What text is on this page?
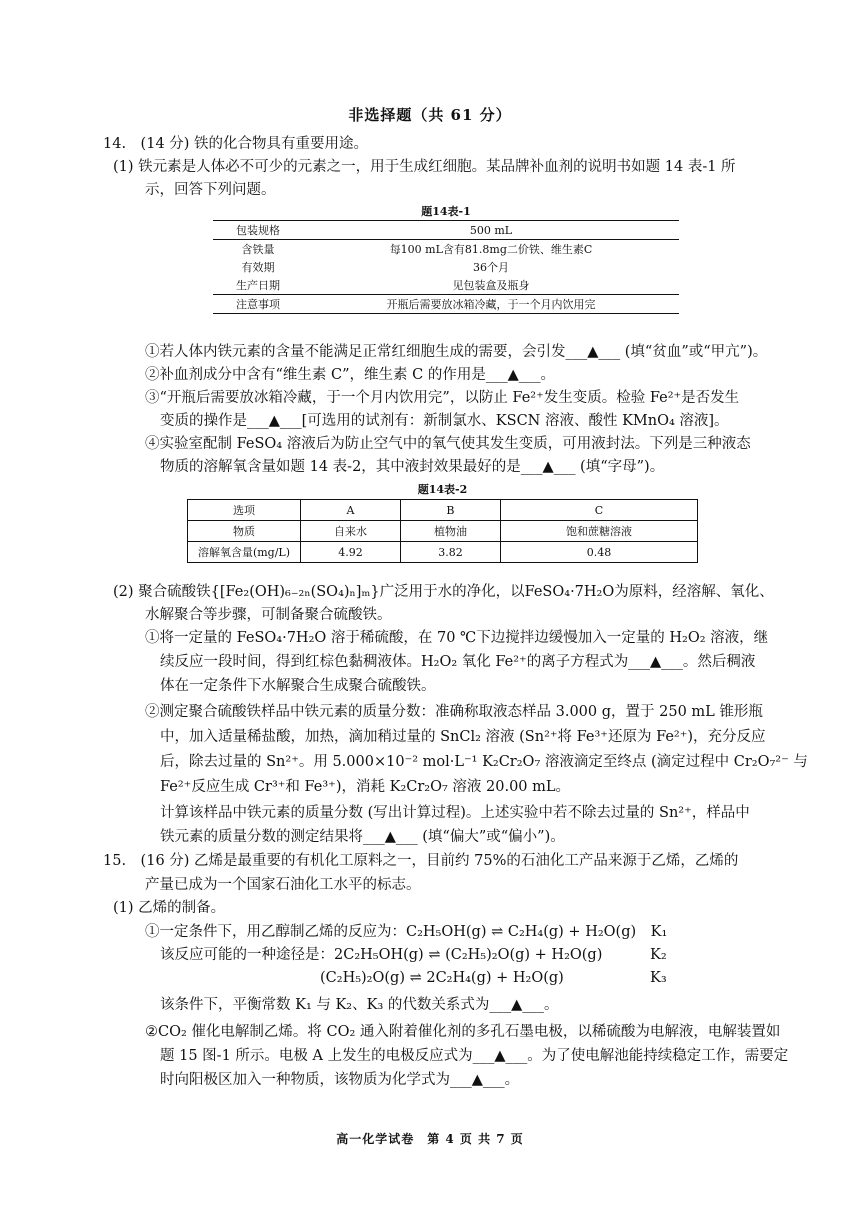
非选择题（共 61 分）
14.　(14 分) 铁的化合物具有重要用途。
(1) 铁元素是人体必不可少的元素之一，用于生成红细胞。某品牌补血剂的说明书如题 14 表-1 所
示，回答下列问题。
题14表-1
包装规格	500 mL
含铁量	每100 mL含有81.8mg二价铁、维生素C
有效期	36个月
生产日期	见包装盒及瓶身
注意事项	开瓶后需要放冰箱冷藏，于一个月内饮用完
①若人体内铁元素的含量不能满足正常红细胞生成的需要，会引发___▲___ (填“贫血”或“甲亢”)。
②补血剂成分中含有“维生素 C”，维生素 C 的作用是___▲___。
③“开瓶后需要放冰箱冷藏，于一个月内饮用完”，以防止 Fe²⁺发生变质。检验 Fe²⁺是否发生
变质的操作是___▲___[可选用的试剂有：新制氯水、KSCN 溶液、酸性 KMnO₄ 溶液]。
④实验室配制 FeSO₄ 溶液后为防止空气中的氧气使其发生变质，可用液封法。下列是三种液态
物质的溶解氧含量如题 14 表-2，其中液封效果最好的是___▲___ (填“字母”)。
题14表-2
选项	A	B	C
物质	自来水	植物油	饱和蔗糖溶液
溶解氧含量(mg/L)	4.92	3.82	0.48
(2) 聚合硫酸铁{[Fe₂(OH)₆₋₂ₙ(SO₄)ₙ]ₘ}广泛用于水的净化，以FeSO₄·7H₂O为原料，经溶解、氧化、
水解聚合等步骤，可制备聚合硫酸铁。
①将一定量的 FeSO₄·7H₂O 溶于稀硫酸，在 70 ℃下边搅拌边缓慢加入一定量的 H₂O₂ 溶液，继
续反应一段时间，得到红棕色黏稠液体。H₂O₂ 氧化 Fe²⁺的离子方程式为___▲___。然后稠液
体在一定条件下水解聚合生成聚合硫酸铁。
②测定聚合硫酸铁样品中铁元素的质量分数：准确称取液态样品 3.000 g，置于 250 mL 锥形瓶
中，加入适量稀盐酸，加热，滴加稍过量的 SnCl₂ 溶液 (Sn²⁺将 Fe³⁺还原为 Fe²⁺)，充分反应
后，除去过量的 Sn²⁺。用 5.000×10⁻² mol·L⁻¹ K₂Cr₂O₇ 溶液滴定至终点 (滴定过程中 Cr₂O₇²⁻ 与
Fe²⁺反应生成 Cr³⁺和 Fe³⁺)，消耗 K₂Cr₂O₇ 溶液 20.00 mL。
计算该样品中铁元素的质量分数 (写出计算过程)。上述实验中若不除去过量的 Sn²⁺，样品中
铁元素的质量分数的测定结果将___▲___ (填“偏大”或“偏小”)。
15.　(16 分) 乙烯是最重要的有机化工原料之一，目前约 75%的石油化工产品来源于乙烯，乙烯的
产量已成为一个国家石油化工水平的标志。
(1) 乙烯的制备。
①一定条件下，用乙醇制乙烯的反应为：C₂H₅OH(g) ⇌ C₂H₄(g) + H₂O(g)　K₁
该反应可能的一种途径是：2C₂H₅OH(g) ⇌ (C₂H₅)₂O(g) + H₂O(g)	K₂
(C₂H₅)₂O(g) ⇌ 2C₂H₄(g) + H₂O(g)	K₃
该条件下，平衡常数 K₁ 与 K₂、K₃ 的代数关系式为___▲___。
②CO₂ 催化电解制乙烯。将 CO₂ 通入附着催化剂的多孔石墨电极，以稀硫酸为电解液，电解装置如
题 15 图-1 所示。电极 A 上发生的电极反应式为___▲___。为了使电解池能持续稳定工作，需要定
时向阳极区加入一种物质，该物质为化学式为___▲___。
高一化学试卷　第 4 页 共 7 页
